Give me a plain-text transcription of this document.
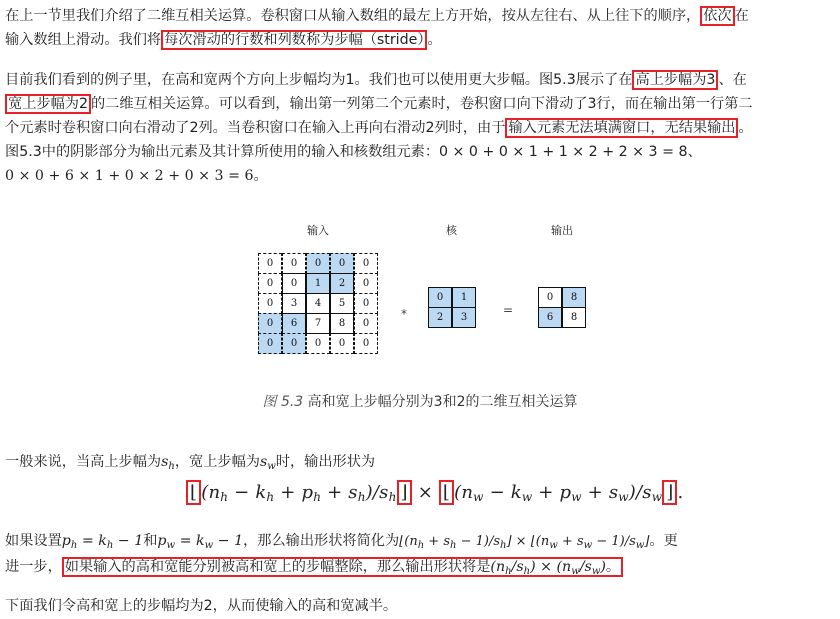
在上一节里我们介绍了二维互相关运算。卷积窗口从输入数组的最左上方开始，按从左往右、从上往下的顺序， 依次 在
输入数组上滑动。我们将 每次滑动的行数和列数称为步幅（stride） 。
目前我们看到的例子里，在高和宽两个方向上步幅均为1。我们也可以使用更大步幅。图5.3展示了在 高上步幅为3 、在
宽上步幅为2 的二维互相关运算。可以看到，输出第一列第二个元素时，卷积窗口向下滑动了3行，而在输出第一行第二
个元素时卷积窗口向右滑动了2列。当卷积窗口在输入上再向右滑动2列时，由于 输入元素无法填满窗口，无结果输出 。
图5.3中的阴影部分为输出元素及其计算所使用的输入和核数组元素：0 × 0 + 0 × 1 + 1 × 2 + 2 × 3 = 8、
0 × 0 + 6 × 1 + 0 × 2 + 0 × 3 = 6。
输入	核	输出
0	0	0	0	0
0	0	1	2	0
0	3	4	5	0
0	6	7	8	0
0	0	0	0	0
*
0	1
2	3
=
0	8
6	8
图 5.3 高和宽上步幅分别为3和2的二维互相关运算
一般来说，当高上步幅为$s_h$，宽上步幅为$s_w$时，输出形状为
⌊ $(n_h - k_h + p_h + s_h)/s_h$ ⌋ × ⌊ $(n_w - k_w + p_w + s_w)/s_w$ ⌋ .
如果设置$p_h = k_h - 1$和$p_w = k_w - 1$，那么输出形状将简化为$⌊(n_h + s_h$ − $1)/s_h⌋$ × $⌊(n_w + s_w$ − $1)/s_w⌋$。更
进一步， 如果输入的高和宽能分别被高和宽上的步幅整除，那么输出形状将是$(n_h/s_h) \times (n_w/s_w)$。
下面我们令高和宽上的步幅均为2，从而使输入的高和宽减半。
